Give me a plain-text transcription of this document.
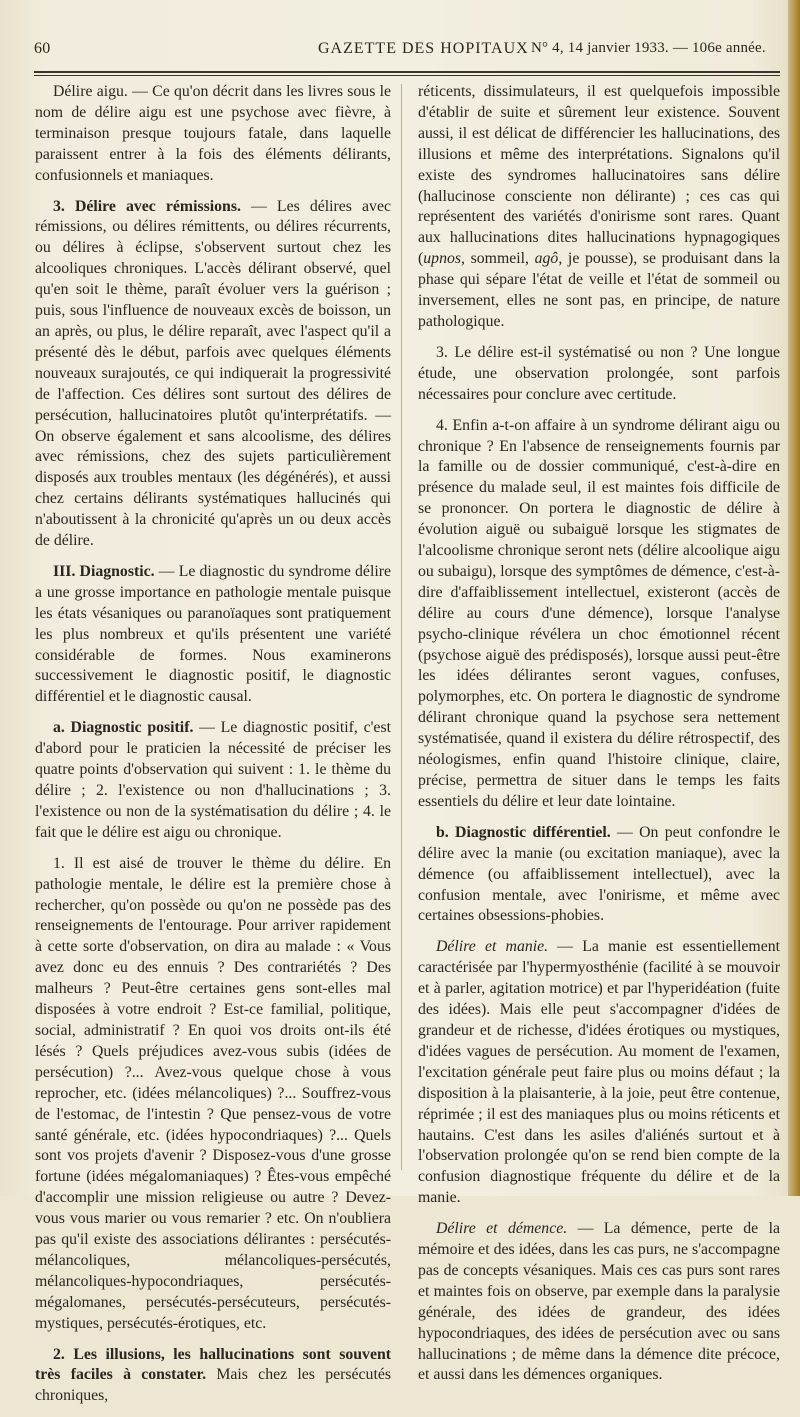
60	GAZETTE DES HOPITAUX N° 4, 14 janvier 1933. — 106e année.

Délire aigu. — Ce qu'on décrit dans les livres sous le nom de délire aigu est une psychose avec fièvre, à terminaison presque toujours fatale, dans laquelle paraissent entrer à la fois des éléments délirants, confusionnels et maniaques.

3. Délire avec rémissions. — Les délires avec rémissions, ou délires rémittents, ou délires récurrents, ou délires à éclipse, s'observent surtout chez les alcooliques chroniques. L'accès délirant observé, quel qu'en soit le thème, paraît évoluer vers la guérison ; puis, sous l'influence de nouveaux excès de boisson, un an après, ou plus, le délire reparaît, avec l'aspect qu'il a présenté dès le début, parfois avec quelques éléments nouveaux surajoutés, ce qui indiquerait la progressivité de l'affection. Ces délires sont surtout des délires de persécution, hallucinatoires plutôt qu'interprétatifs. — On observe également et sans alcoolisme, des délires avec rémissions, chez des sujets particulièrement disposés aux troubles mentaux (les dégénérés), et aussi chez certains délirants systématiques hallucinés qui n'aboutissent à la chronicité qu'après un ou deux accès de délire.

III. Diagnostic. — Le diagnostic du syndrome délire a une grosse importance en pathologie mentale puisque les états vésaniques ou paranoïaques sont pratiquement les plus nombreux et qu'ils présentent une variété considérable de formes. Nous examinerons successivement le diagnostic positif, le diagnostic différentiel et le diagnostic causal.

a. Diagnostic positif. — Le diagnostic positif, c'est d'abord pour le praticien la nécessité de préciser les quatre points d'observation qui suivent : 1. le thème du délire ; 2. l'existence ou non d'hallucinations ; 3. l'existence ou non de la systématisation du délire ; 4. le fait que le délire est aigu ou chronique.

1. Il est aisé de trouver le thème du délire. En pathologie mentale, le délire est la première chose à rechercher, qu'on possède ou qu'on ne possède pas des renseignements de l'entourage. Pour arriver rapidement à cette sorte d'observation, on dira au malade : « Vous avez donc eu des ennuis ? Des contrariétés ? Des malheurs ? Peut-être certaines gens sont-elles mal disposées à votre endroit ? Est-ce familial, politique, social, administratif ? En quoi vos droits ont-ils été lésés ? Quels préjudices avez-vous subis (idées de persécution) ?... Avez-vous quelque chose à vous reprocher, etc. (idées mélancoliques) ?... Souffrez-vous de l'estomac, de l'intestin ? Que pensez-vous de votre santé générale, etc. (idées hypocondriaques) ?... Quels sont vos projets d'avenir ? Disposez-vous d'une grosse fortune (idées mégalomaniaques) ? Êtes-vous empêché d'accomplir une mission religieuse ou autre ? Devez-vous vous marier ou vous remarier ? etc. On n'oubliera pas qu'il existe des associations délirantes : persécutés-mélancoliques, mélancoliques-persécutés, mélancoliques-hypocondriaques, persécutés-mégalomanes, persécutés-persécuteurs, persécutés-mystiques, persécutés-érotiques, etc.

2. Les illusions, les hallucinations sont souvent très faciles à constater. Mais chez les persécutés chroniques,

réticents, dissimulateurs, il est quelquefois impossible d'établir de suite et sûrement leur existence. Souvent aussi, il est délicat de différencier les hallucinations, des illusions et même des interprétations. Signalons qu'il existe des syndromes hallucinatoires sans délire (hallucinose consciente non délirante) ; ces cas qui représentent des variétés d'onirisme sont rares. Quant aux hallucinations dites hallucinations hypnagogiques (upnos, sommeil, agô, je pousse), se produisant dans la phase qui sépare l'état de veille et l'état de sommeil ou inversement, elles ne sont pas, en principe, de nature pathologique.

3. Le délire est-il systématisé ou non ? Une longue étude, une observation prolongée, sont parfois nécessaires pour conclure avec certitude.

4. Enfin a-t-on affaire à un syndrome délirant aigu ou chronique ? En l'absence de renseignements fournis par la famille ou de dossier communiqué, c'est-à-dire en présence du malade seul, il est maintes fois difficile de se prononcer. On portera le diagnostic de délire à évolution aiguë ou subaiguë lorsque les stigmates de l'alcoolisme chronique seront nets (délire alcoolique aigu ou subaigu), lorsque des symptômes de démence, c'est-à-dire d'affaiblissement intellectuel, existeront (accès de délire au cours d'une démence), lorsque l'analyse psycho-clinique révélera un choc émotionnel récent (psychose aiguë des prédisposés), lorsque aussi peut-être les idées délirantes seront vagues, confuses, polymorphes, etc. On portera le diagnostic de syndrome délirant chronique quand la psychose sera nettement systématisée, quand il existera du délire rétrospectif, des néologismes, enfin quand l'histoire clinique, claire, précise, permettra de situer dans le temps les faits essentiels du délire et leur date lointaine.

b. Diagnostic différentiel. — On peut confondre le délire avec la manie (ou excitation maniaque), avec la démence (ou affaiblissement intellectuel), avec la confusion mentale, avec l'onirisme, et même avec certaines obsessions-phobies.

Délire et manie. — La manie est essentiellement caractérisée par l'hypermyosthénie (facilité à se mouvoir et à parler, agitation motrice) et par l'hyperidéation (fuite des idées). Mais elle peut s'accompagner d'idées de grandeur et de richesse, d'idées érotiques ou mystiques, d'idées vagues de persécution. Au moment de l'examen, l'excitation générale peut faire plus ou moins défaut ; la disposition à la plaisanterie, à la joie, peut être contenue, réprimée ; il est des maniaques plus ou moins réticents et hautains. C'est dans les asiles d'aliénés surtout et à l'observation prolongée qu'on se rend bien compte de la confusion diagnostique fréquente du délire et de la manie.

Délire et démence. — La démence, perte de la mémoire et des idées, dans les cas purs, ne s'accompagne pas de concepts vésaniques. Mais ces cas purs sont rares et maintes fois on observe, par exemple dans la paralysie générale, des idées de grandeur, des idées hypocondriaques, des idées de persécution avec ou sans hallucinations ; de même dans la démence dite précoce, et aussi dans les démences organiques.
